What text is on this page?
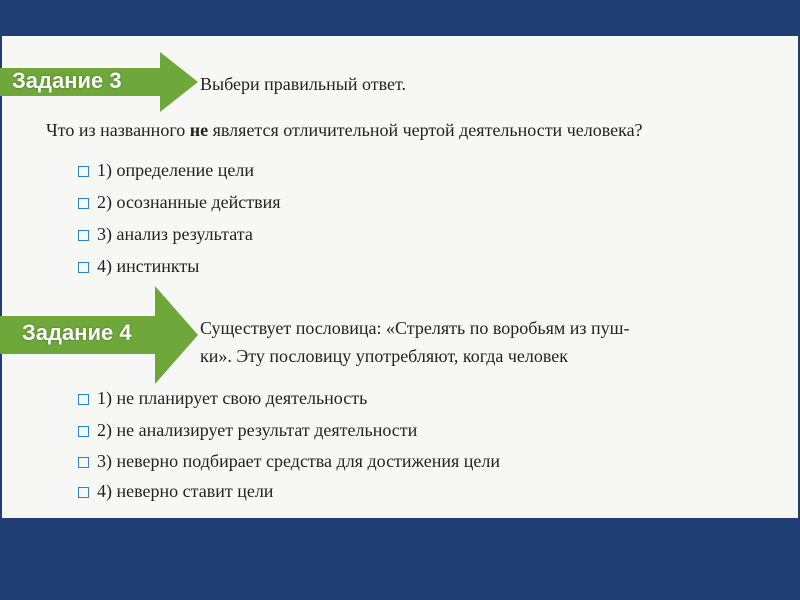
Задание 3	Выбери правильный ответ.
Что из названного не является отличительной чертой деятельности человека?
1) определение цели
2) осознанные действия
3) анализ результата
4) инстинкты
Задание 4	Существует пословица: «Стрелять по воробьям из пуш-
ки». Эту пословицу употребляют, когда человек
1) не планирует свою деятельность
2) не анализирует результат деятельности
3) неверно подбирает средства для достижения цели
4) неверно ставит цели
